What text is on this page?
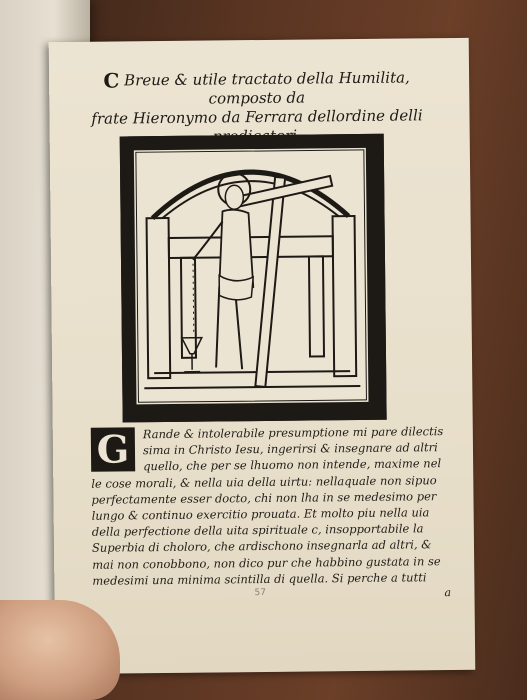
C Breue & utile tractato della Humilita, composto da
frate Hieronymo da Ferrara dellordine delli

G	Rande & intolerabile presumptione mi pare dilectis
sima in Christo Iesu, ingerirsi & insegnare ad altri
quello, che per se lhuomo non intende, maxime nel
le cose morali, & nella uia della uirtu: nellaquale non sipuo
perfectamente esser docto, chi non lha in se medesimo per
lungo & continuo exercitio prouata. Et molto piu nella uia
della perfectione della uita spirituale c, insopportabile la
Superbia di choloro, che ardischono insegnarla ad altri, &
mai non conobbono, non dico pur che habbino gustata in se
medesimi una minima scintilla di quella. Si perche a tutti
57	a
